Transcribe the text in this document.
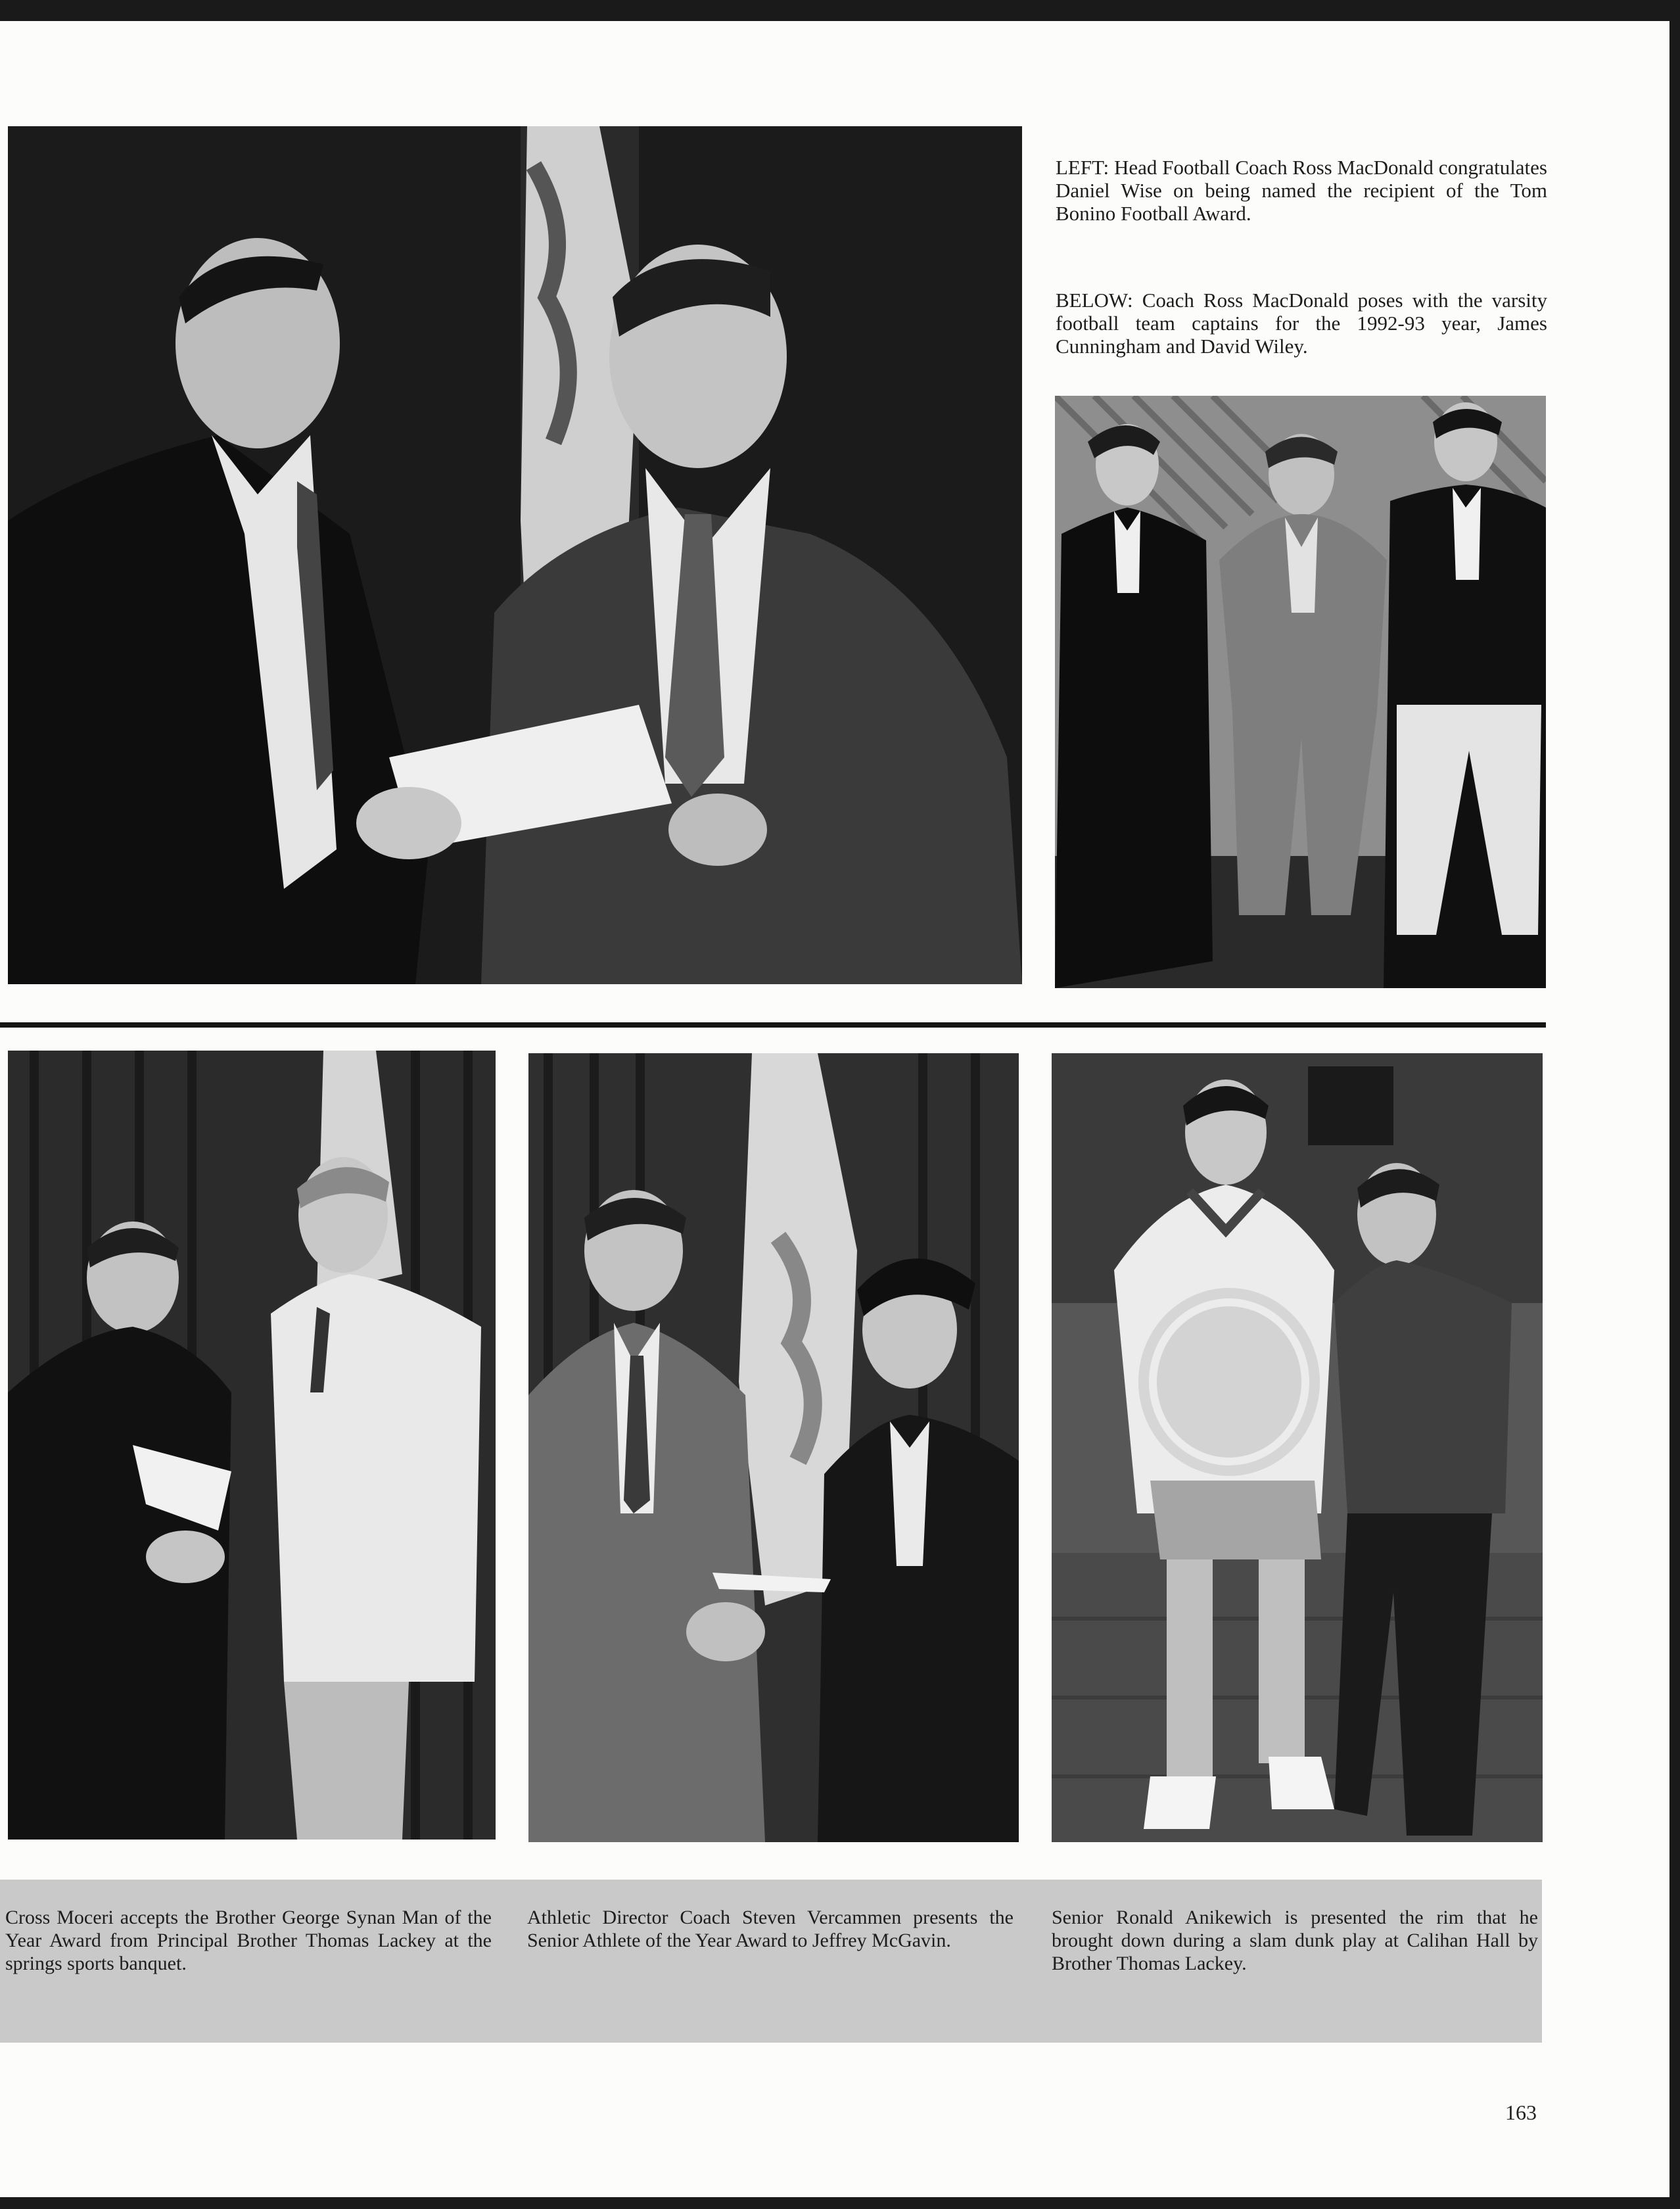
LEFT: Head Football Coach Ross MacDonald congratulates Daniel Wise on being named the recipient of the Tom Bonino Football Award.
BELOW: Coach Ross MacDonald poses with the varsity football team captains for the 1992-93 year, James Cunningham and David Wiley.
Cross Moceri accepts the Brother George Synan Man of the Year Award from Principal Brother Thomas Lackey at the springs sports banquet.
Athletic Director Coach Steven Vercammen presents the Senior Athlete of the Year Award to Jeffrey McGavin.
Senior Ronald Anikewich is presented the rim that he brought down during a slam dunk play at Calihan Hall by Brother Thomas Lackey.
163
